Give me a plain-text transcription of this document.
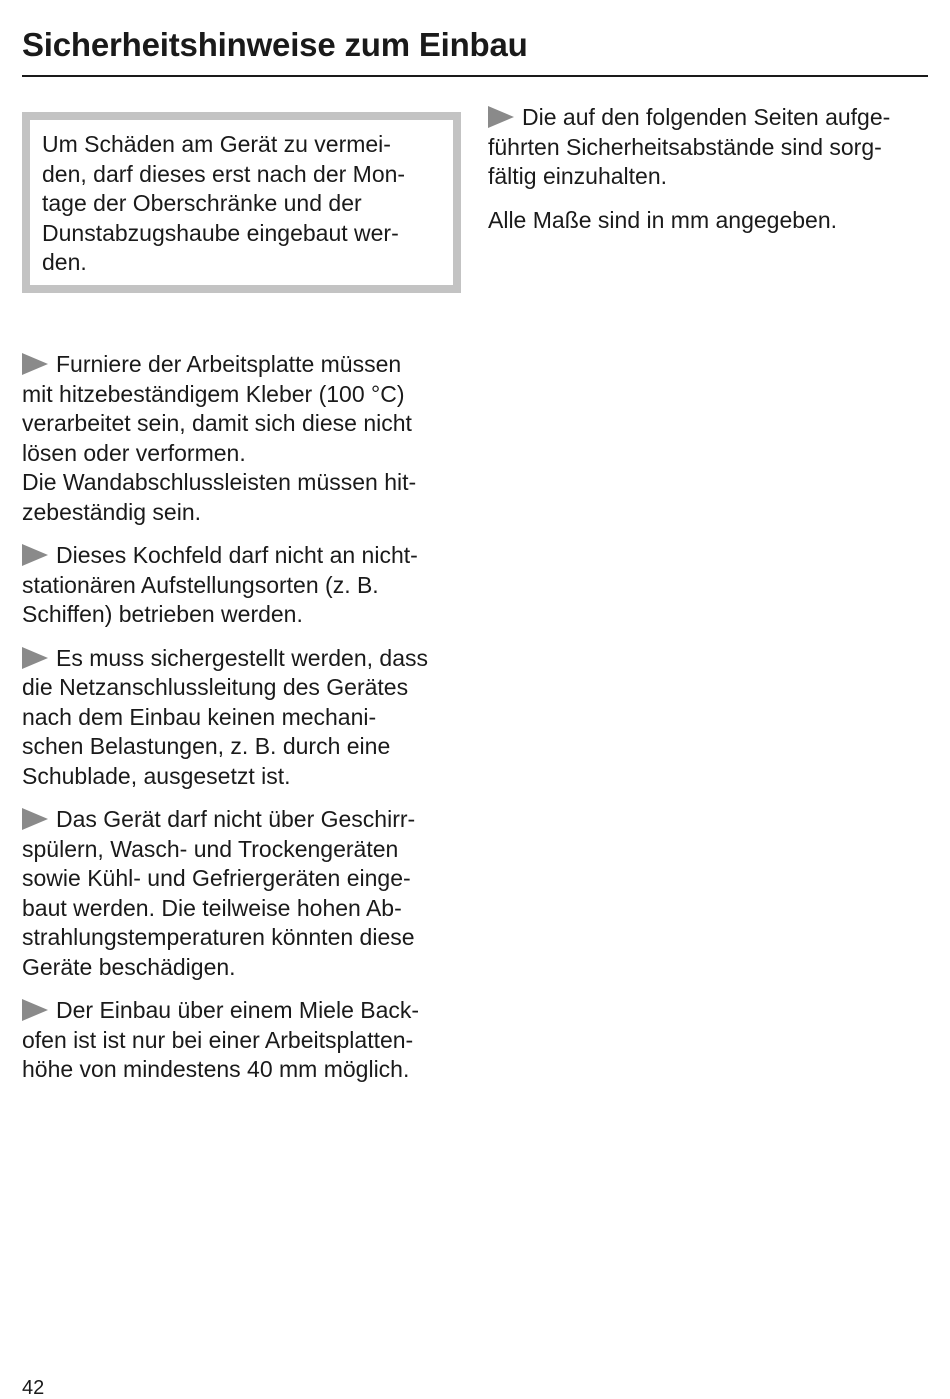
Sicherheitshinweise zum Einbau
Um Schäden am Gerät zu vermei-
den, darf dieses erst nach der Mon-
tage der Oberschränke und der
Dunstabzugshaube eingebaut wer-
den.
Die auf den folgenden Seiten aufge-
führten Sicherheitsabstände sind sorg-
fältig einzuhalten.
Alle Maße sind in mm angegeben.
Furniere der Arbeitsplatte müssen
mit hitzebeständigem Kleber (100 °C)
verarbeitet sein, damit sich diese nicht
lösen oder verformen.
Die Wandabschlussleisten müssen hit-
zebeständig sein.
Dieses Kochfeld darf nicht an nicht-
stationären Aufstellungsorten (z. B.
Schiffen) betrieben werden.
Es muss sichergestellt werden, dass
die Netzanschlussleitung des Gerätes
nach dem Einbau keinen mechani-
schen Belastungen, z. B. durch eine
Schublade, ausgesetzt ist.
Das Gerät darf nicht über Geschirr-
spülern, Wasch- und Trockengeräten
sowie Kühl- und Gefriergeräten einge-
baut werden. Die teilweise hohen Ab-
strahlungstemperaturen könnten diese
Geräte beschädigen.
Der Einbau über einem Miele Back-
ofen ist ist nur bei einer Arbeitsplatten-
höhe von mindestens 40 mm möglich.
42
